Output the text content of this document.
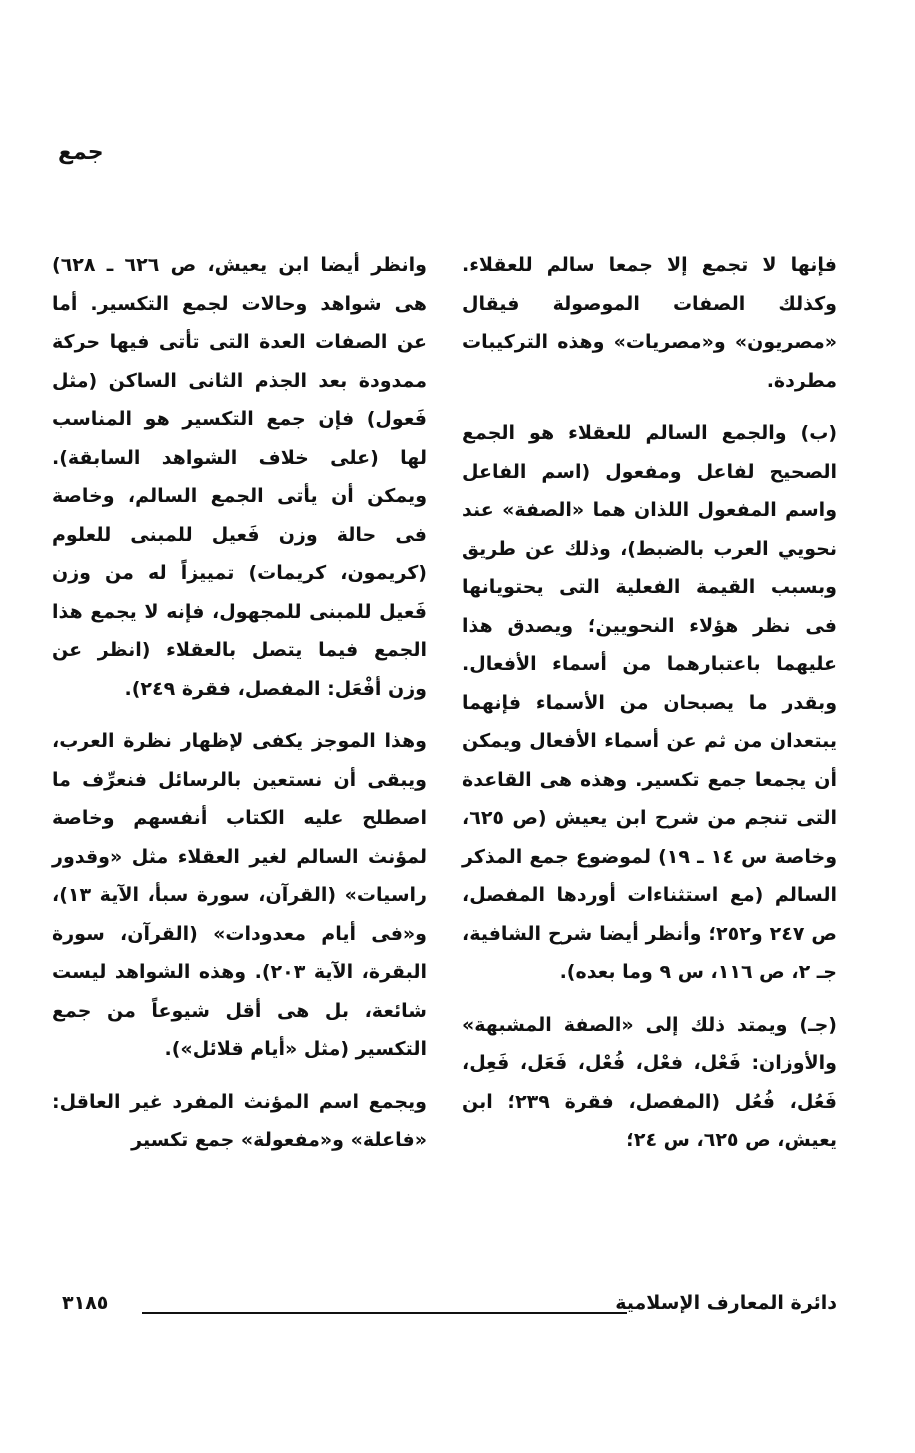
جمع

فإنها لا تجمع إلا جمعا سالم للعقلاء. وكذلك الصفات الموصولة فيقال «مصريون» و«مصريات» وهذه التركيبات مطردة.

(ب) والجمع السالم للعقلاء هو الجمع الصحيح لفاعل ومفعول (اسم الفاعل واسم المفعول اللذان هما «الصفة» عند نحويي العرب بالضبط)، وذلك عن طريق وبسبب القيمة الفعلية التى يحتويانها فى نظر هؤلاء النحويين؛ ويصدق هذا عليهما باعتبارهما من أسماء الأفعال. وبقدر ما يصبحان من الأسماء فإنهما يبتعدان من ثم عن أسماء الأفعال ويمكن أن يجمعا جمع تكسير. وهذه هى القاعدة التى تنجم من شرح ابن يعيش (ص ٦٢٥، وخاصة س ١٤ ـ ١٩) لموضوع جمع المذكر السالم (مع استثناءات أوردها المفصل، ص ٢٤٧ و٢٥٢؛ وأنظر أيضا شرح الشافية، جـ ٢، ص ١١٦، س ٩ وما بعده).

(جـ) ويمتد ذلك إلى «الصفة المشبهة» والأوزان: فَعْل، فعْل، فُعْل، فَعَل، فَعِل، فَعُل، فُعُل (المفصل، فقرة ٢٣٩؛ ابن يعيش، ص ٦٢٥، س ٢٤؛

وانظر أيضا ابن يعيش، ص ٦٢٦ ـ ٦٢٨) هى شواهد وحالات لجمع التكسير. أما عن الصفات العدة التى تأتى فيها حركة ممدودة بعد الجذم الثانى الساكن (مثل فَعول) فإن جمع التكسير هو المناسب لها (على خلاف الشواهد السابقة). ويمكن أن يأتى الجمع السالم، وخاصة فى حالة وزن فَعيل للمبنى للعلوم (كريمون، كريمات) تمييزاً له من وزن فَعيل للمبنى للمجهول، فإنه لا يجمع هذا الجمع فيما يتصل بالعقلاء (انظر عن وزن أفْعَل: المفصل، فقرة ٢٤٩).

وهذا الموجز يكفى لإظهار نظرة العرب، ويبقى أن نستعين بالرسائل فنعرِّف ما اصطلح عليه الكتاب أنفسهم وخاصة لمؤنث السالم لغير العقلاء مثل «وقدور راسيات» (القرآن، سورة سبأ، الآية ١٣)، و«فى أيام معدودات» (القرآن، سورة البقرة، الآية ٢٠٣). وهذه الشواهد ليست شائعة، بل هى أقل شيوعاً من جمع التكسير (مثل «أيام قلائل»).

ويجمع اسم المؤنث المفرد غير العاقل: «فاعلة» و«مفعولة» جمع تكسير

دائرة المعارف الإسلامية
٣١٨٥
